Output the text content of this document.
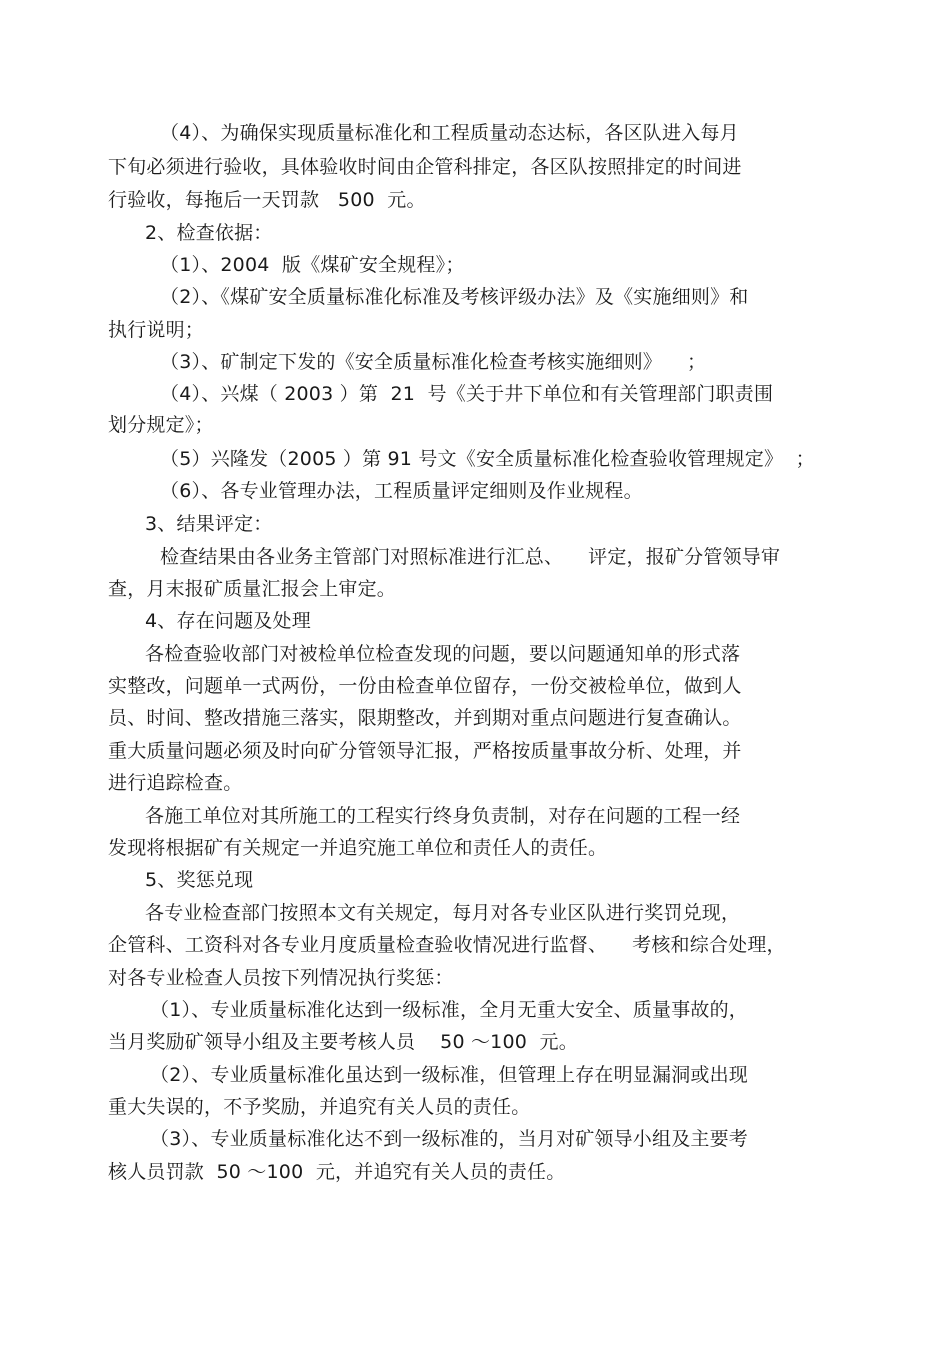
（4）、为确保实现质量标准化和工程质量动态达标，各区队进入每月
下旬必须进行验收，具体验收时间由企管科排定，各区队按照排定的时间进
行验收，每拖后一天罚款   500  元。
2、检查依据：
（1）、2004  版《煤矿安全规程》；
（2）、《煤矿安全质量标准化标准及考核评级办法》及《实施细则》和
执行说明；
（3）、矿制定下发的《安全质量标准化检查考核实施细则》    ；
（4）、兴煤（ 2003 ）第  21  号《关于井下单位和有关管理部门职责围
划分规定》；
（5）兴隆发（2005 ）第 91 号文《安全质量标准化检查验收管理规定》  ；
（6）、各专业管理办法，工程质量评定细则及作业规程。
3、结果评定：
检查结果由各业务主管部门对照标准进行汇总、    评定，报矿分管领导审
查，月末报矿质量汇报会上审定。
4、存在问题及处理
各检查验收部门对被检单位检查发现的问题，要以问题通知单的形式落
实整改，问题单一式两份，一份由检查单位留存，一份交被检单位，做到人
员、时间、整改措施三落实，限期整改，并到期对重点问题进行复查确认。
重大质量问题必须及时向矿分管领导汇报，严格按质量事故分析、处理，并
进行追踪检查。
各施工单位对其所施工的工程实行终身负责制，对存在问题的工程一经
发现将根据矿有关规定一并追究施工单位和责任人的责任。
5、奖惩兑现
各专业检查部门按照本文有关规定，每月对各专业区队进行奖罚兑现，
企管科、工资科对各专业月度质量检查验收情况进行监督、    考核和综合处理，
对各专业检查人员按下列情况执行奖惩：
（1）、专业质量标准化达到一级标准，全月无重大安全、质量事故的，
当月奖励矿领导小组及主要考核人员    50 ～100  元。
（2）、专业质量标准化虽达到一级标准，但管理上存在明显漏洞或出现
重大失误的，不予奖励，并追究有关人员的责任。
（3）、专业质量标准化达不到一级标准的，当月对矿领导小组及主要考
核人员罚款  50 ～100  元，并追究有关人员的责任。
